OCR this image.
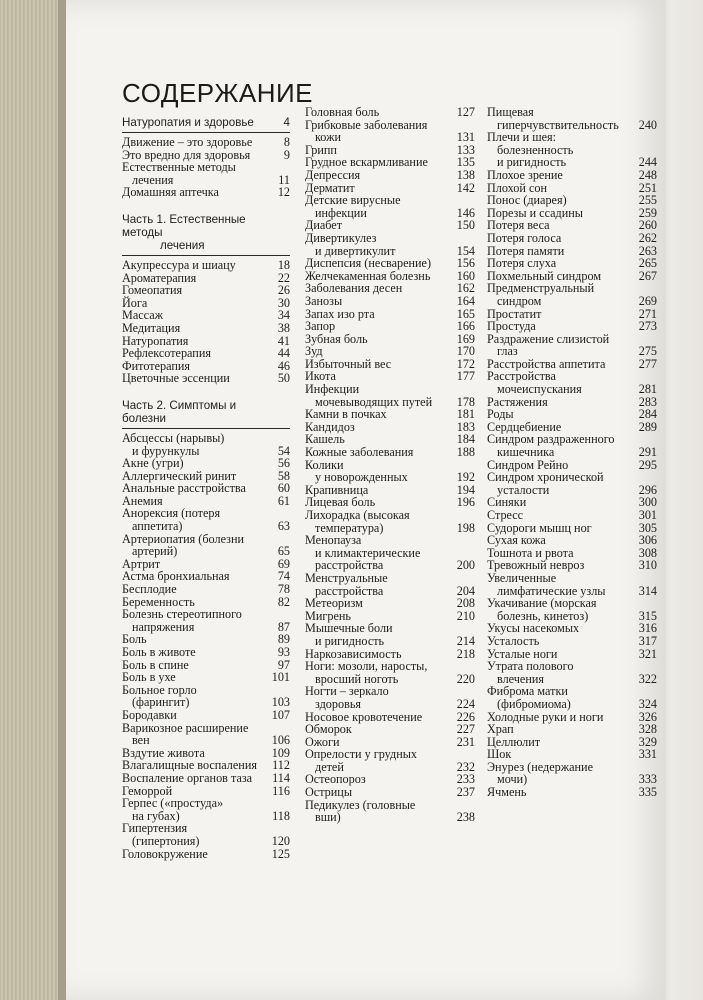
СОДЕРЖАНИЕ
Натуропатия и здоровье	4
Движение – это здоровье	8
Это вредно для здоровья	9
Естественные методы
лечения	11
Домашняя аптечка	12
Часть 1. Естественные методы
лечения
Акупрессура и шиацу	18
Ароматерапия	22
Гомеопатия	26
Йога	30
Массаж	34
Медитация	38
Натуропатия	41
Рефлексотерапия	44
Фитотерапия	46
Цветочные эссенции	50
Часть 2. Симптомы и болезни
Абсцессы (нарывы)
и фурункулы	54
Акне (угри)	56
Аллергический ринит	58
Анальные расстройства	60
Анемия	61
Анорексия (потеря
аппетита)	63
Артериопатия (болезни
артерий)	65
Артрит	69
Астма бронхиальная	74
Бесплодие	78
Беременность	82
Болезнь стереотипного
напряжения	87
Боль	89
Боль в животе	93
Боль в спине	97
Боль в ухе	101
Больное горло
(фарингит)	103
Бородавки	107
Варикозное расширение
вен	106
Вздутие живота	109
Влагалищные воспаления	112
Воспаление органов таза	114
Геморрой	116
Герпес («простуда»
на губах)	118
Гипертензия
(гипертония)	120
Головокружение	125
Головная боль	127
Грибковые заболевания
кожи	131
Грипп	133
Грудное вскармливание	135
Депрессия	138
Дерматит	142
Детские вирусные
инфекции	146
Диабет	150
Дивертикулез
и дивертикулит	154
Диспепсия (несварение)	156
Желчекаменная болезнь	160
Заболевания десен	162
Занозы	164
Запах изо рта	165
Запор	166
Зубная боль	169
Зуд	170
Избыточный вес	172
Икота	177
Инфекции
мочевыводящих путей	178
Камни в почках	181
Кандидоз	183
Кашель	184
Кожные заболевания	188
Колики
у новорожденных	192
Крапивница	194
Лицевая боль	196
Лихорадка (высокая
температура)	198
Менопауза
и климактерические
расстройства	200
Менструальные
расстройства	204
Метеоризм	208
Мигрень	210
Мышечные боли
и ригидность	214
Наркозависимость	218
Ноги: мозоли, наросты,
вросший ноготь	220
Ногти – зеркало
здоровья	224
Носовое кровотечение	226
Обморок	227
Ожоги	231
Опрелости у грудных
детей	232
Остеопороз	233
Острицы	237
Педикулез (головные
вши)	238
Пищевая
гиперчувствительность	240
Плечи и шея:
болезненность
и ригидность	244
Плохое зрение	248
Плохой сон	251
Понос (диарея)	255
Порезы и ссадины	259
Потеря веса	260
Потеря голоса	262
Потеря памяти	263
Потеря слуха	265
Похмельный синдром	267
Предменструальный
синдром	269
Простатит	271
Простуда	273
Раздражение слизистой
глаз	275
Расстройства аппетита	277
Расстройства
мочеиспускания	281
Растяжения	283
Роды	284
Сердцебиение	289
Синдром раздраженного
кишечника	291
Синдром Рейно	295
Синдром хронической
усталости	296
Синяки	300
Стресс	301
Судороги мышц ног	305
Сухая кожа	306
Тошнота и рвота	308
Тревожный невроз	310
Увеличенные
лимфатические узлы	314
Укачивание (морская
болезнь, кинетоз)	315
Укусы насекомых	316
Усталость	317
Усталые ноги	321
Утрата полового
влечения	322
Фиброма матки
(фибромиома)	324
Холодные руки и ноги	326
Храп	328
Целлюлит	329
Шок	331
Энурез (недержание
мочи)	333
Ячмень	335
